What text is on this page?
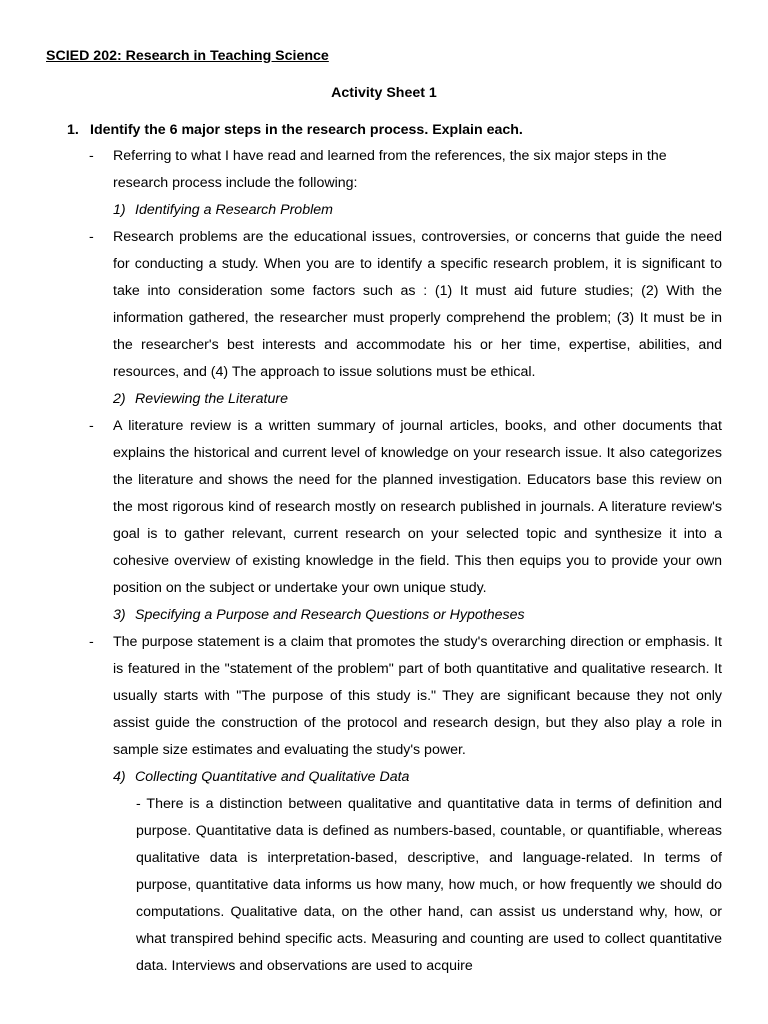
SCIED 202: Research in Teaching Science
Activity Sheet 1
1. Identify the 6 major steps in the research process. Explain each.
- Referring to what I have read and learned from the references, the six major steps in the research process include the following:
1) Identifying a Research Problem
- Research problems are the educational issues, controversies, or concerns that guide the need for conducting a study. When you are to identify a specific research problem, it is significant to take into consideration some factors such as : (1) It must aid future studies; (2) With the information gathered, the researcher must properly comprehend the problem; (3) It must be in the researcher's best interests and accommodate his or her time, expertise, abilities, and resources, and (4) The approach to issue solutions must be ethical.
2) Reviewing the Literature
- A literature review is a written summary of journal articles, books, and other documents that explains the historical and current level of knowledge on your research issue. It also categorizes the literature and shows the need for the planned investigation. Educators base this review on the most rigorous kind of research mostly on research published in journals. A literature review's goal is to gather relevant, current research on your selected topic and synthesize it into a cohesive overview of existing knowledge in the field. This then equips you to provide your own position on the subject or undertake your own unique study.
3) Specifying a Purpose and Research Questions or Hypotheses
- The purpose statement is a claim that promotes the study's overarching direction or emphasis. It is featured in the "statement of the problem" part of both quantitative and qualitative research. It usually starts with "The purpose of this study is." They are significant because they not only assist guide the construction of the protocol and research design, but they also play a role in sample size estimates and evaluating the study's power.
4) Collecting Quantitative and Qualitative Data
- There is a distinction between qualitative and quantitative data in terms of definition and purpose. Quantitative data is defined as numbers-based, countable, or quantifiable, whereas qualitative data is interpretation-based, descriptive, and language-related. In terms of purpose, quantitative data informs us how many, how much, or how frequently we should do computations. Qualitative data, on the other hand, can assist us understand why, how, or what transpired behind specific acts. Measuring and counting are used to collect quantitative data. Interviews and observations are used to acquire
